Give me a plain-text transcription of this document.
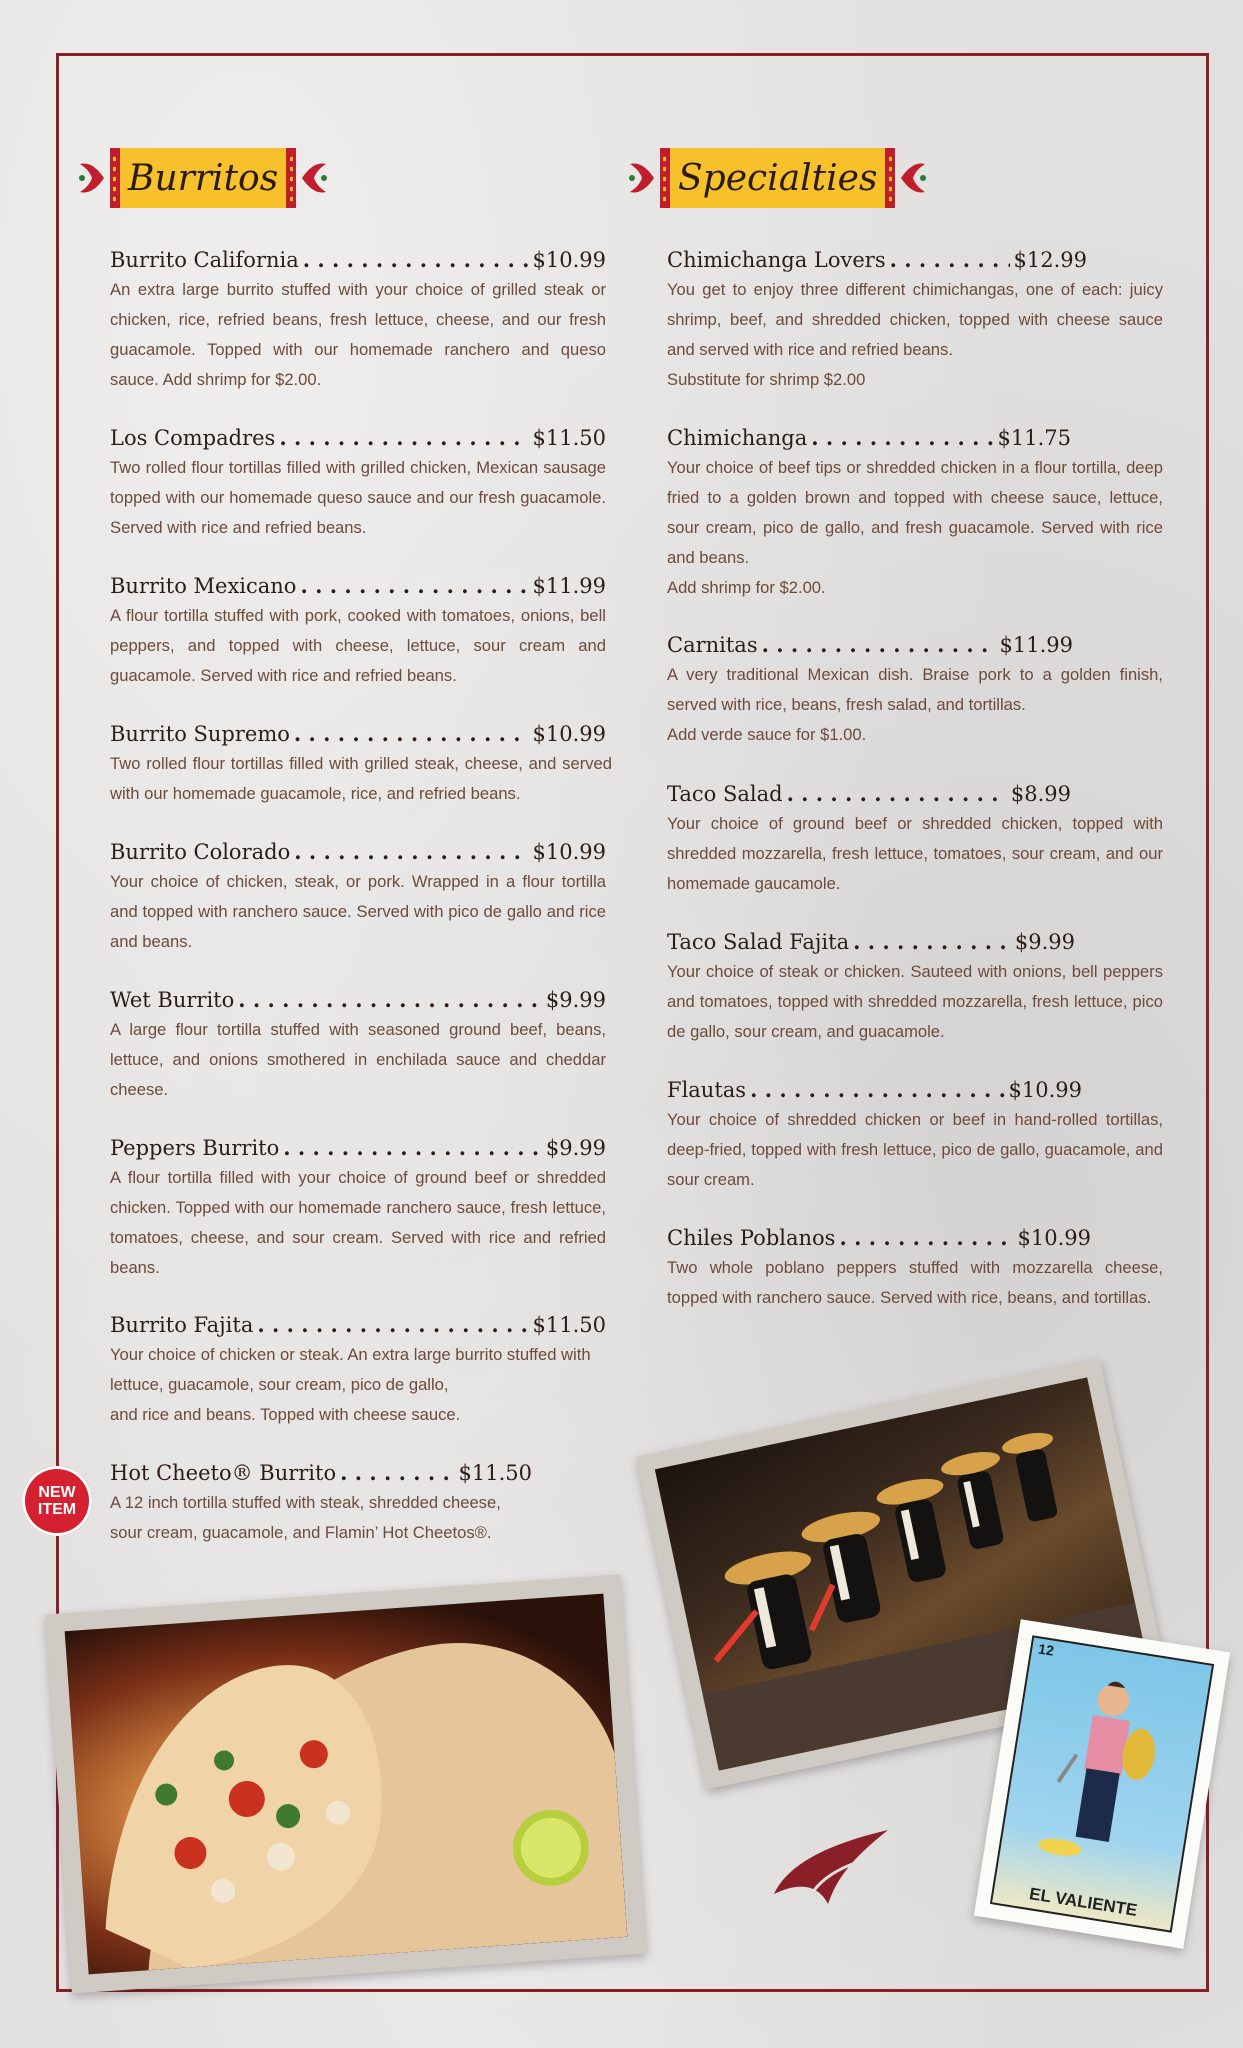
Burritos	Specialties
Burrito California . . .	$10.99

An extra large burrito stuffed with your choice of grilled steak or chicken, rice, refried beans, fresh lettuce, cheese, and our fresh guacamole. Topped with our homemade ranchero and queso sauce. Add shrimp for $2.00.

Los Compadres . . .	$11.50

Two rolled flour tortillas filled with grilled chicken, Mexican sausage topped with our homemade queso sauce and our fresh guacamole. Served with rice and refried beans.

Burrito Mexicano . . .	$11.99

A flour tortilla stuffed with pork, cooked with tomatoes, onions, bell peppers, and topped with cheese, lettuce, sour cream and guacamole. Served with rice and refried beans.

Burrito Supremo . . .	$10.99

Two rolled flour tortillas filled with grilled steak, cheese, and served with our homemade guacamole, rice, and refried beans.

Burrito Colorado . . .	$10.99

Your choice of chicken, steak, or pork. Wrapped in a flour tortilla and topped with ranchero sauce. Served with pico de gallo and rice and beans.

Wet Burrito . . .	$9.99

A large flour tortilla stuffed with seasoned ground beef, beans, lettuce, and onions smothered in enchilada sauce and cheddar cheese.

Peppers Burrito . . .	$9.99

A flour tortilla filled with your choice of ground beef or shredded chicken. Topped with our homemade ranchero sauce, fresh lettuce, tomatoes, cheese, and sour cream. Served with rice and refried beans.

Burrito Fajita . . .	$11.50

Your choice of chicken or steak. An extra large burrito stuffed with lettuce, guacamole, sour cream, pico de gallo,

and rice and beans. Topped with cheese sauce.

Hot Cheeto® Burrito . . .	$11.50

A 12 inch tortilla stuffed with steak, shredded cheese,

sour cream, guacamole, and Flamin’ Hot Cheetos®.

NEW
ITEM
Chimichanga Lovers . . .	$12.99

You get to enjoy three different chimichangas, one of each: juicy shrimp, beef, and shredded chicken, topped with cheese sauce and served with rice and refried beans.

Substitute for shrimp $2.00

Chimichanga . . .	$11.75

Your choice of beef tips or shredded chicken in a flour tortilla, deep fried to a golden brown and topped with cheese sauce, lettuce, sour cream, pico de gallo, and fresh guacamole. Served with rice and beans.

Add shrimp for $2.00.

Carnitas . . .	$11.99

A very traditional Mexican dish. Braise pork to a golden finish, served with rice, beans, fresh salad, and tortillas.

Add verde sauce for $1.00.

Taco Salad . . .	$8.99

Your choice of ground beef or shredded chicken, topped with shredded mozzarella, fresh lettuce, tomatoes, sour cream, and our homemade gaucamole.

Taco Salad Fajita . . .	$9.99

Your choice of steak or chicken. Sauteed with onions, bell peppers and tomatoes, topped with shredded mozzarella, fresh lettuce, pico de gallo, sour cream, and guacamole.

Flautas . . .	$10.99

Your choice of shredded chicken or beef in hand-rolled tortillas, deep-fried, topped with fresh lettuce, pico de gallo, guacamole, and sour cream.

Chiles Poblanos . . .	$10.99

Two whole poblano peppers stuffed with mozzarella cheese, topped with ranchero sauce. Served with rice, beans, and tortillas.

12
EL VALIENTE
